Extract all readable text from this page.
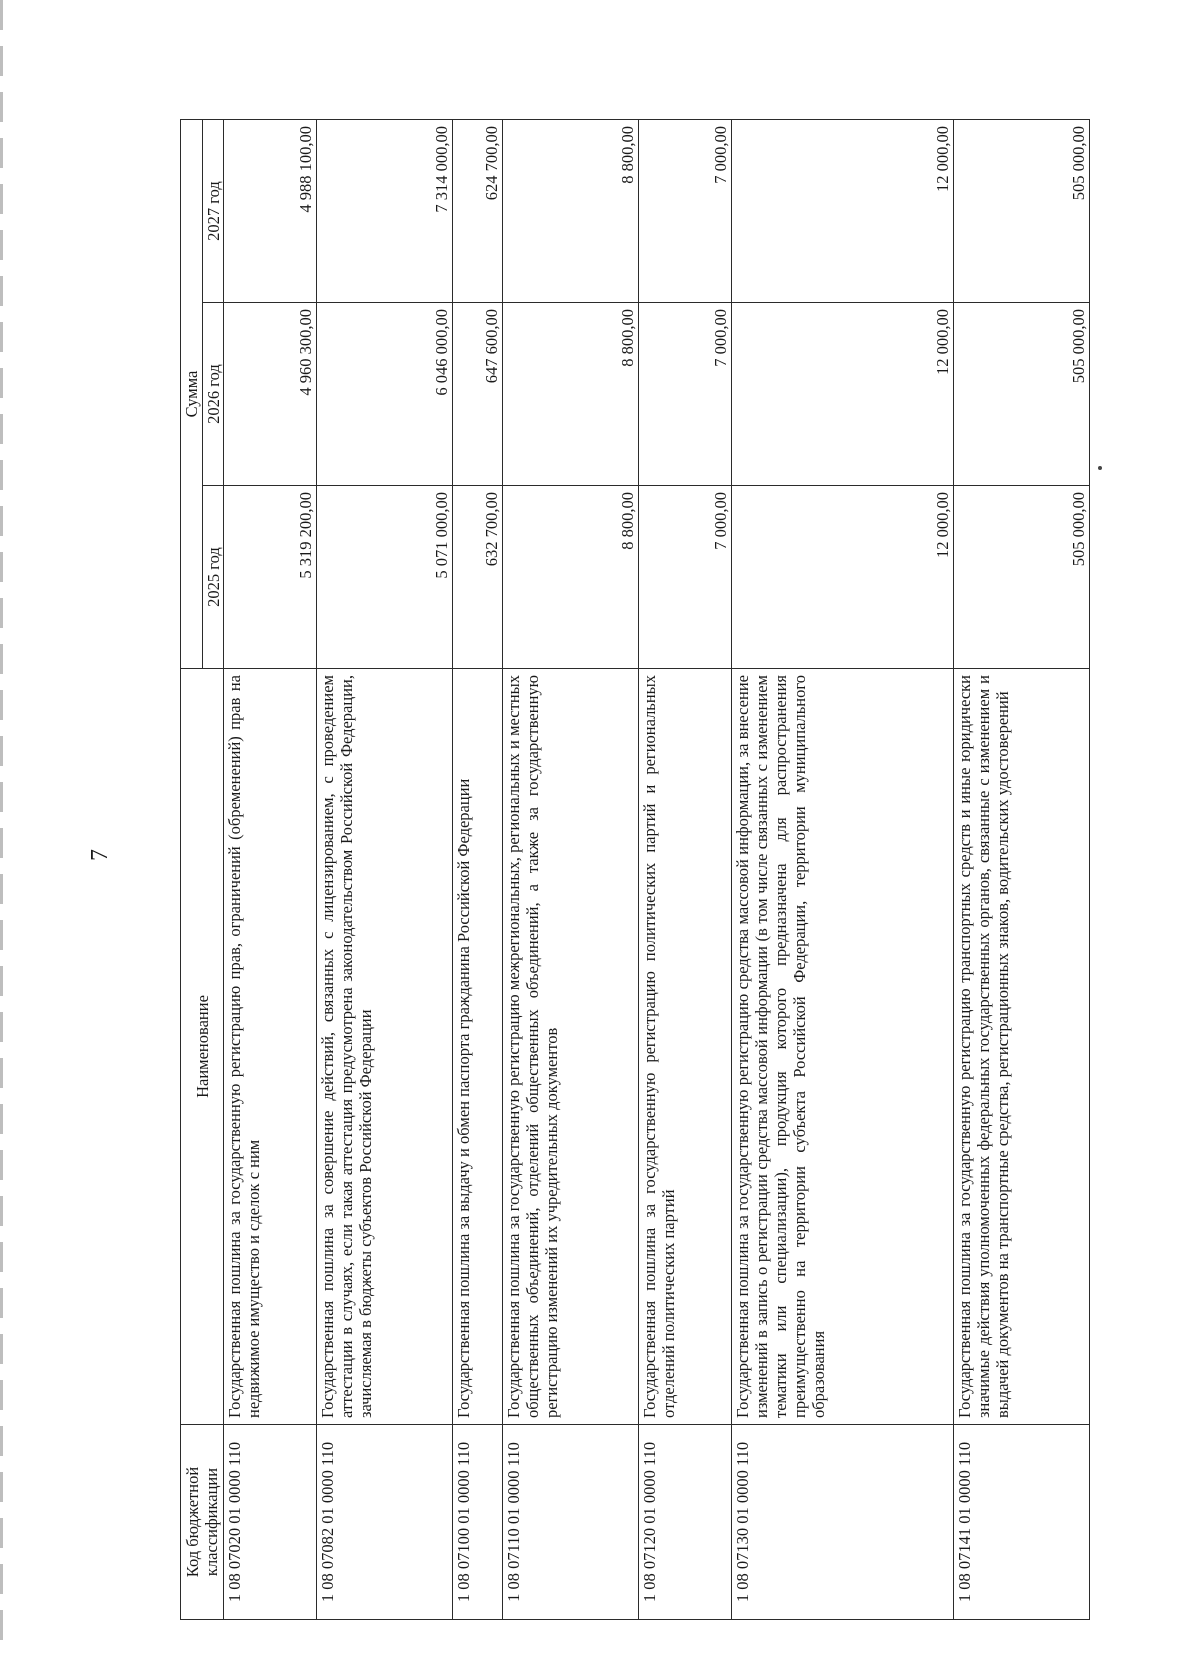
7
Код бюджетной классификации	Наименование	Сумма		
		2025 год	2026 год	2027 год
1 08 07020 01 0000 110	Государственная пошлина за государственную регистрацию прав, ограничений (обременений) прав на недвижимое имущество и сделок с ним	5 319 200,00	4 960 300,00	4 988 100,00
1 08 07082 01 0000 110	Государственная пошлина за совершение действий, связанных с лицензированием, с проведением аттестации в случаях, если такая аттестация предусмотрена законодательством Российской Федерации, зачисляемая в бюджеты субъектов Российской Федерации	5 071 000,00	6 046 000,00	7 314 000,00
1 08 07100 01 0000 110	Государственная пошлина за выдачу и обмен паспорта гражданина Российской Федерации	632 700,00	647 600,00	624 700,00
1 08 07110 01 0000 110	Государственная пошлина за государственную регистрацию межрегиональных, региональных и местных общественных объединений, отделений общественных объединений, а также за государственную регистрацию изменений их учредительных документов	8 800,00	8 800,00	8 800,00
1 08 07120 01 0000 110	Государственная пошлина за государственную регистрацию политических партий и региональных отделений политических партий	7 000,00	7 000,00	7 000,00
1 08 07130 01 0000 110	Государственная пошлина за государственную регистрацию средства массовой информации, за внесение изменений в запись о регистрации средства массовой информации (в том числе связанных с изменением тематики или специализации), продукция которого предназначена для распространения преимущественно на территории субъекта Российской Федерации, территории муниципального образования	12 000,00	12 000,00	12 000,00
1 08 07141 01 0000 110	Государственная пошлина за государственную регистрацию транспортных средств и иные юридически значимые действия уполномоченных федеральных государственных органов, связанные с изменением и выдачей документов на транспортные средства, регистрационных знаков, водительских удостоверений	505 000,00	505 000,00	505 000,00
